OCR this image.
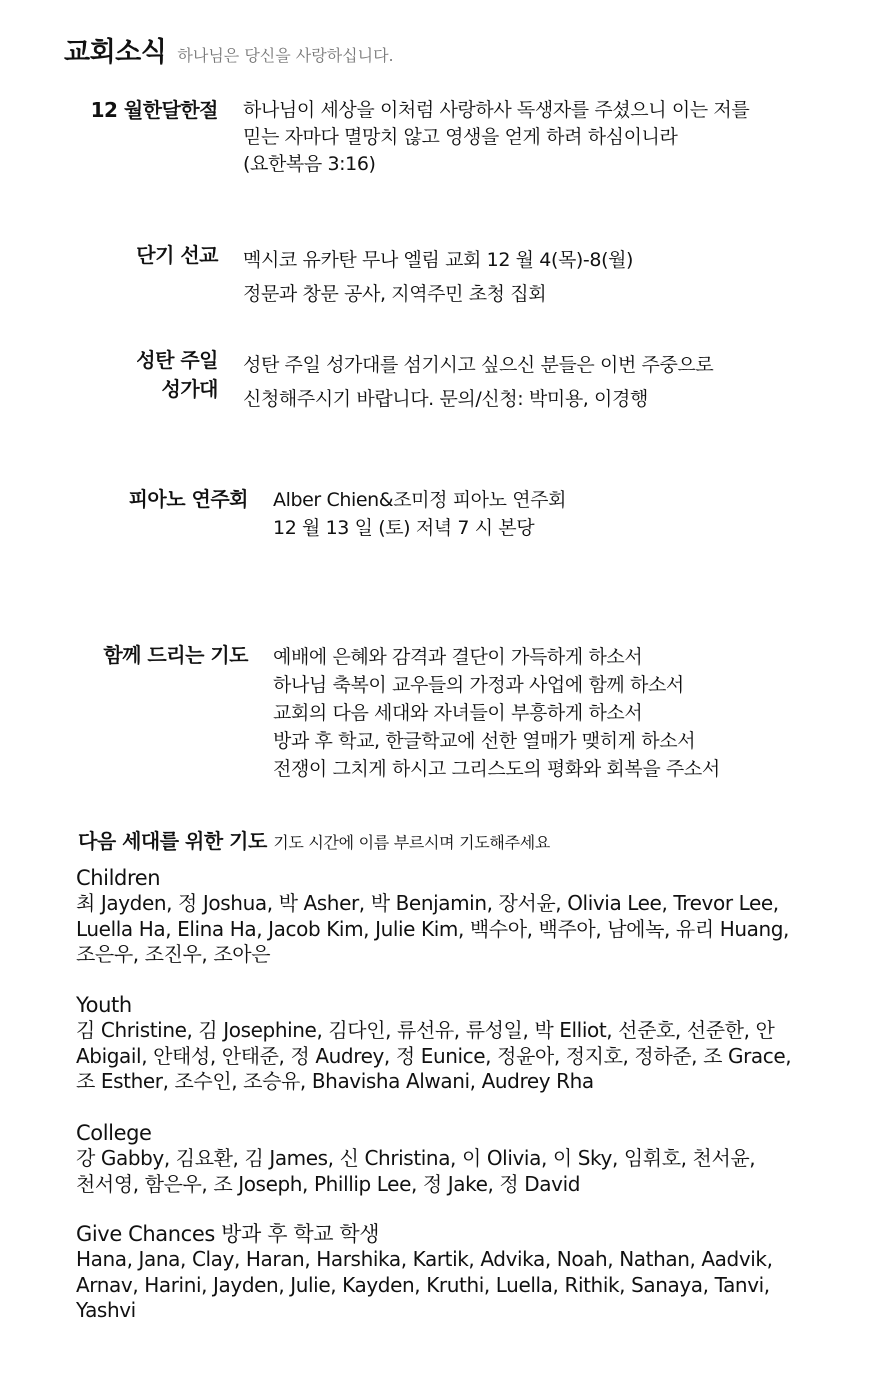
교회소식 하나님은 당신을 사랑하십니다.
12 월한달한절 하나님이 세상을 이처럼 사랑하사 독생자를 주셨으니 이는 저를
믿는 자마다 멸망치 않고 영생을 얻게 하려 하심이니라
(요한복음 3:16)
단기 선교 멕시코 유카탄 무나 엘림 교회 12 월 4(목)-8(월)
정문과 창문 공사, 지역주민 초청 집회
성탄 주일
성가대
성탄 주일 성가대를 섬기시고 싶으신 분들은 이번 주중으로
신청해주시기 바랍니다. 문의/신청: 박미용, 이경행
피아노 연주회 Alber Chien&조미정 피아노 연주회
12 월 13 일 (토) 저녁 7 시 본당
함께 드리는 기도 예배에 은혜와 감격과 결단이 가득하게 하소서
하나님 축복이 교우들의 가정과 사업에 함께 하소서
교회의 다음 세대와 자녀들이 부흥하게 하소서
방과 후 학교, 한글학교에 선한 열매가 맺히게 하소서
전쟁이 그치게 하시고 그리스도의 평화와 회복을 주소서
다음 세대를 위한 기도 기도 시간에 이름 부르시며 기도해주세요
Children
최 Jayden, 정 Joshua, 박 Asher, 박 Benjamin, 장서윤, Olivia Lee, Trevor Lee,
Luella Ha, Elina Ha, Jacob Kim, Julie Kim, 백수아, 백주아, 남에녹, 유리 Huang,
조은우, 조진우, 조아은
Youth
김 Christine, 김 Josephine, 김다인, 류선유, 류성일, 박 Elliot, 선준호, 선준한, 안
Abigail, 안태성, 안태준, 정 Audrey, 정 Eunice, 정윤아, 정지호, 정하준, 조 Grace,
조 Esther, 조수인, 조승유, Bhavisha Alwani, Audrey Rha
College
강 Gabby, 김요환, 김 James, 신 Christina, 이 Olivia, 이 Sky, 임휘호, 천서윤,
천서영, 함은우, 조 Joseph, Phillip Lee, 정 Jake, 정 David
Give Chances 방과 후 학교 학생
Hana, Jana, Clay, Haran, Harshika, Kartik, Advika, Noah, Nathan, Aadvik,
Arnav, Harini, Jayden, Julie, Kayden, Kruthi, Luella, Rithik, Sanaya, Tanvi,
Yashvi
